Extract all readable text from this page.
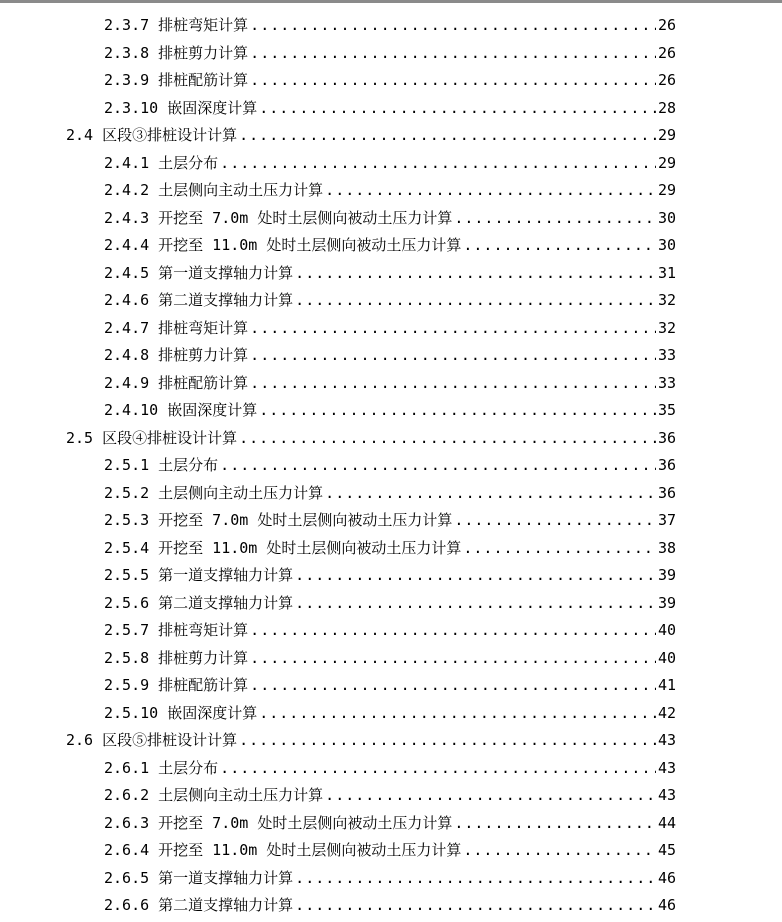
2.3.7 排桩弯矩计算 .....	26
2.3.8 排桩剪力计算 .....	26
2.3.9 排桩配筋计算 .....	26
2.3.10 嵌固深度计算 .....	28
2.4 区段③排桩设计计算 .....	29
2.4.1 土层分布 .....	29
2.4.2 土层侧向主动土压力计算 .....	29
2.4.3 开挖至 7.0m 处时土层侧向被动土压力计算 .....	30
2.4.4 开挖至 11.0m 处时土层侧向被动土压力计算 .....	30
2.4.5 第一道支撑轴力计算 .....	31
2.4.6 第二道支撑轴力计算 .....	32
2.4.7 排桩弯矩计算 .....	32
2.4.8 排桩剪力计算 .....	33
2.4.9 排桩配筋计算 .....	33
2.4.10 嵌固深度计算 .....	35
2.5 区段④排桩设计计算 .....	36
2.5.1 土层分布 .....	36
2.5.2 土层侧向主动土压力计算 .....	36
2.5.3 开挖至 7.0m 处时土层侧向被动土压力计算 .....	37
2.5.4 开挖至 11.0m 处时土层侧向被动土压力计算 .....	38
2.5.5 第一道支撑轴力计算 .....	39
2.5.6 第二道支撑轴力计算 .....	39
2.5.7 排桩弯矩计算 .....	40
2.5.8 排桩剪力计算 .....	40
2.5.9 排桩配筋计算 .....	41
2.5.10 嵌固深度计算 .....	42
2.6 区段⑤排桩设计计算 .....	43
2.6.1 土层分布 .....	43
2.6.2 土层侧向主动土压力计算 .....	43
2.6.3 开挖至 7.0m 处时土层侧向被动土压力计算 .....	44
2.6.4 开挖至 11.0m 处时土层侧向被动土压力计算 .....	45
2.6.5 第一道支撑轴力计算 .....	46
2.6.6 第二道支撑轴力计算 .....	46
